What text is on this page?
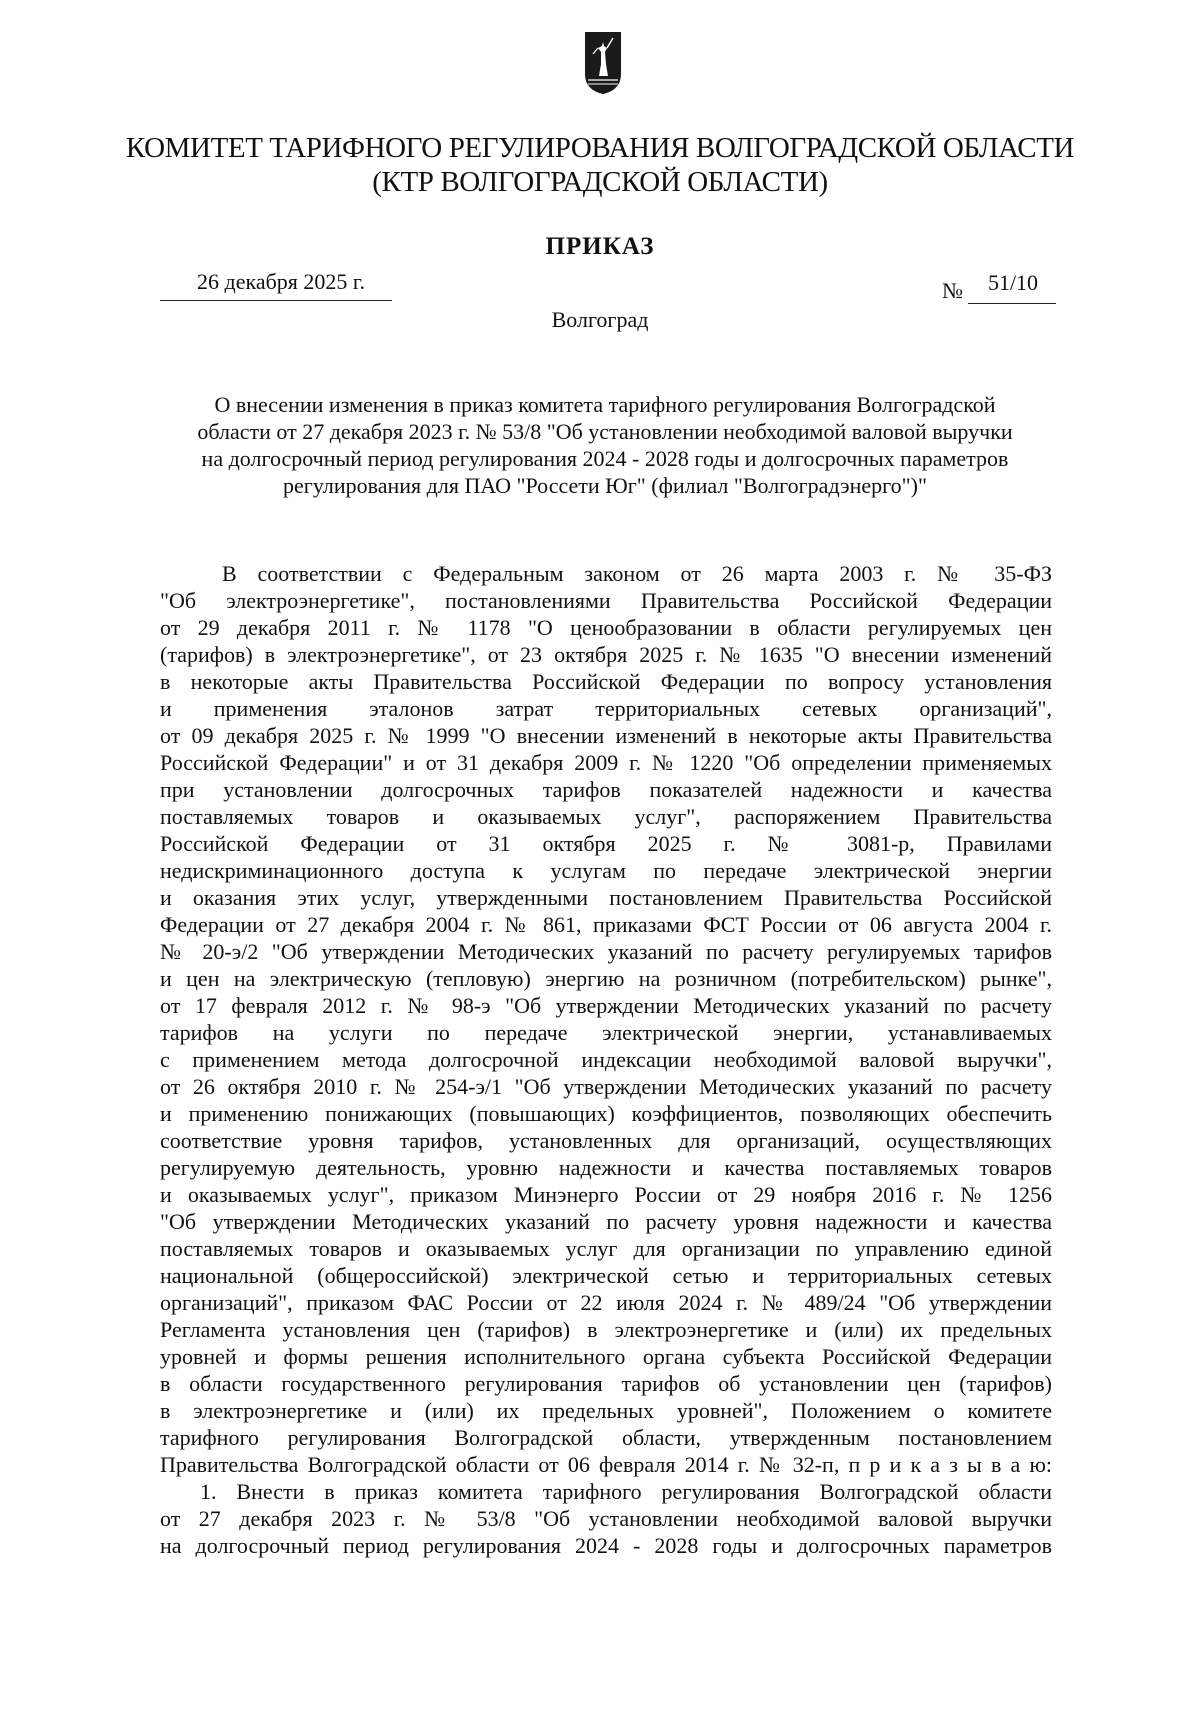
КОМИТЕТ ТАРИФНОГО РЕГУЛИРОВАНИЯ ВОЛГОГРАДСКОЙ ОБЛАСТИ
(КТР ВОЛГОГРАДСКОЙ ОБЛАСТИ)
ПРИКАЗ
26 декабря 2025 г.	№	51/10
Волгоград
О внесении изменения в приказ комитета тарифного регулирования Волгоградской
области от 27 декабря 2023 г. № 53/8 "Об установлении необходимой валовой выручки
на долгосрочный период регулирования 2024 - 2028 годы и долгосрочных параметров
регулирования для ПАО "Россети Юг" (филиал "Волгоградэнерго")"
В соответствии с Федеральным законом от 26 марта 2003 г. № 35-ФЗ
"Об электроэнергетике", постановлениями Правительства Российской Федерации
от 29 декабря 2011 г. № 1178 "О ценообразовании в области регулируемых цен
(тарифов) в электроэнергетике", от 23 октября 2025 г. № 1635 "О внесении изменений
в некоторые акты Правительства Российской Федерации по вопросу установления
и применения эталонов затрат территориальных сетевых организаций",
от 09 декабря 2025 г. № 1999 "О внесении изменений в некоторые акты Правительства
Российской Федерации" и от 31 декабря 2009 г. № 1220 "Об определении применяемых
при установлении долгосрочных тарифов показателей надежности и качества
поставляемых товаров и оказываемых услуг", распоряжением Правительства
Российской Федерации от 31 октября 2025 г. № 3081-р, Правилами
недискриминационного доступа к услугам по передаче электрической энергии
и оказания этих услуг, утвержденными постановлением Правительства Российской
Федерации от 27 декабря 2004 г. № 861, приказами ФСТ России от 06 августа 2004 г.
№ 20-э/2 "Об утверждении Методических указаний по расчету регулируемых тарифов
и цен на электрическую (тепловую) энергию на розничном (потребительском) рынке",
от 17 февраля 2012 г. № 98-э "Об утверждении Методических указаний по расчету
тарифов на услуги по передаче электрической энергии, устанавливаемых
с применением метода долгосрочной индексации необходимой валовой выручки",
от 26 октября 2010 г. № 254-э/1 "Об утверждении Методических указаний по расчету
и применению понижающих (повышающих) коэффициентов, позволяющих обеспечить
соответствие уровня тарифов, установленных для организаций, осуществляющих
регулируемую деятельность, уровню надежности и качества поставляемых товаров
и оказываемых услуг", приказом Минэнерго России от 29 ноября 2016 г. № 1256
"Об утверждении Методических указаний по расчету уровня надежности и качества
поставляемых товаров и оказываемых услуг для организации по управлению единой
национальной (общероссийской) электрической сетью и территориальных сетевых
организаций", приказом ФАС России от 22 июля 2024 г. № 489/24 "Об утверждении
Регламента установления цен (тарифов) в электроэнергетике и (или) их предельных
уровней и формы решения исполнительного органа субъекта Российской Федерации
в области государственного регулирования тарифов об установлении цен (тарифов)
в электроэнергетике и (или) их предельных уровней", Положением о комитете
тарифного регулирования Волгоградской области, утвержденным постановлением
Правительства Волгоградской области от 06 февраля 2014 г. № 32-п, п р и к а з ы в а ю:
1. Внести в приказ комитета тарифного регулирования Волгоградской области
от 27 декабря 2023 г. № 53/8 "Об установлении необходимой валовой выручки
на долгосрочный период регулирования 2024 - 2028 годы и долгосрочных параметров
